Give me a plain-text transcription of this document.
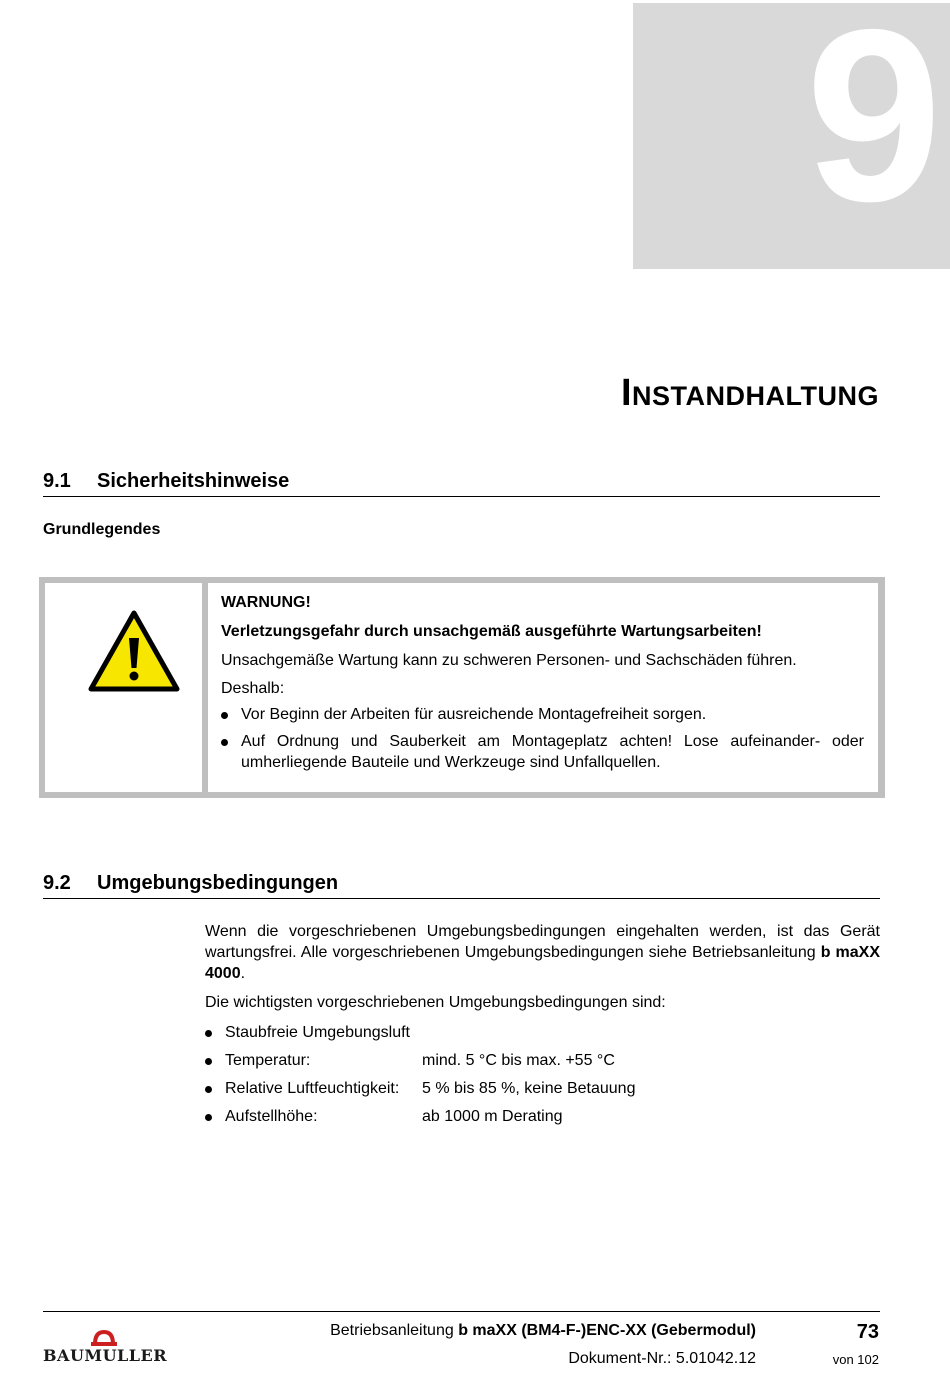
9
Instandhaltung
9.1 Sicherheitshinweise
Grundlegendes

WARNUNG!

Verletzungsgefahr durch unsachgemäß ausgeführte Wartungsarbeiten!

Unsachgemäße Wartung kann zu schweren Personen- und Sachschäden führen.

Deshalb:

Vor Beginn der Arbeiten für ausreichende Montagefreiheit sorgen.
Auf Ordnung und Sauberkeit am Montageplatz achten! Lose aufeinander- oder umherliegende Bauteile und Werkzeuge sind Unfallquellen.
9.2 Umgebungsbedingungen

Wenn die vorgeschriebenen Umgebungsbedingungen eingehalten werden, ist das Gerät wartungsfrei. Alle vorgeschriebenen Umgebungsbedingungen siehe Betriebsanleitung b maXX 4000.

Die wichtigsten vorgeschriebenen Umgebungsbedingungen sind:

Staubfreie Umgebungsluft
Temperatur:	mind. 5 °C bis max. +55 °C
Relative Luftfeuchtigkeit: 5 % bis 85 %, keine Betauung
Aufstellhöhe:	ab 1000 m Derating
BAUMULLER
Betriebsanleitung b maXX (BM4-F-)ENC-XX (Gebermodul)
Dokument-Nr.: 5.01042.12
73
von 102
